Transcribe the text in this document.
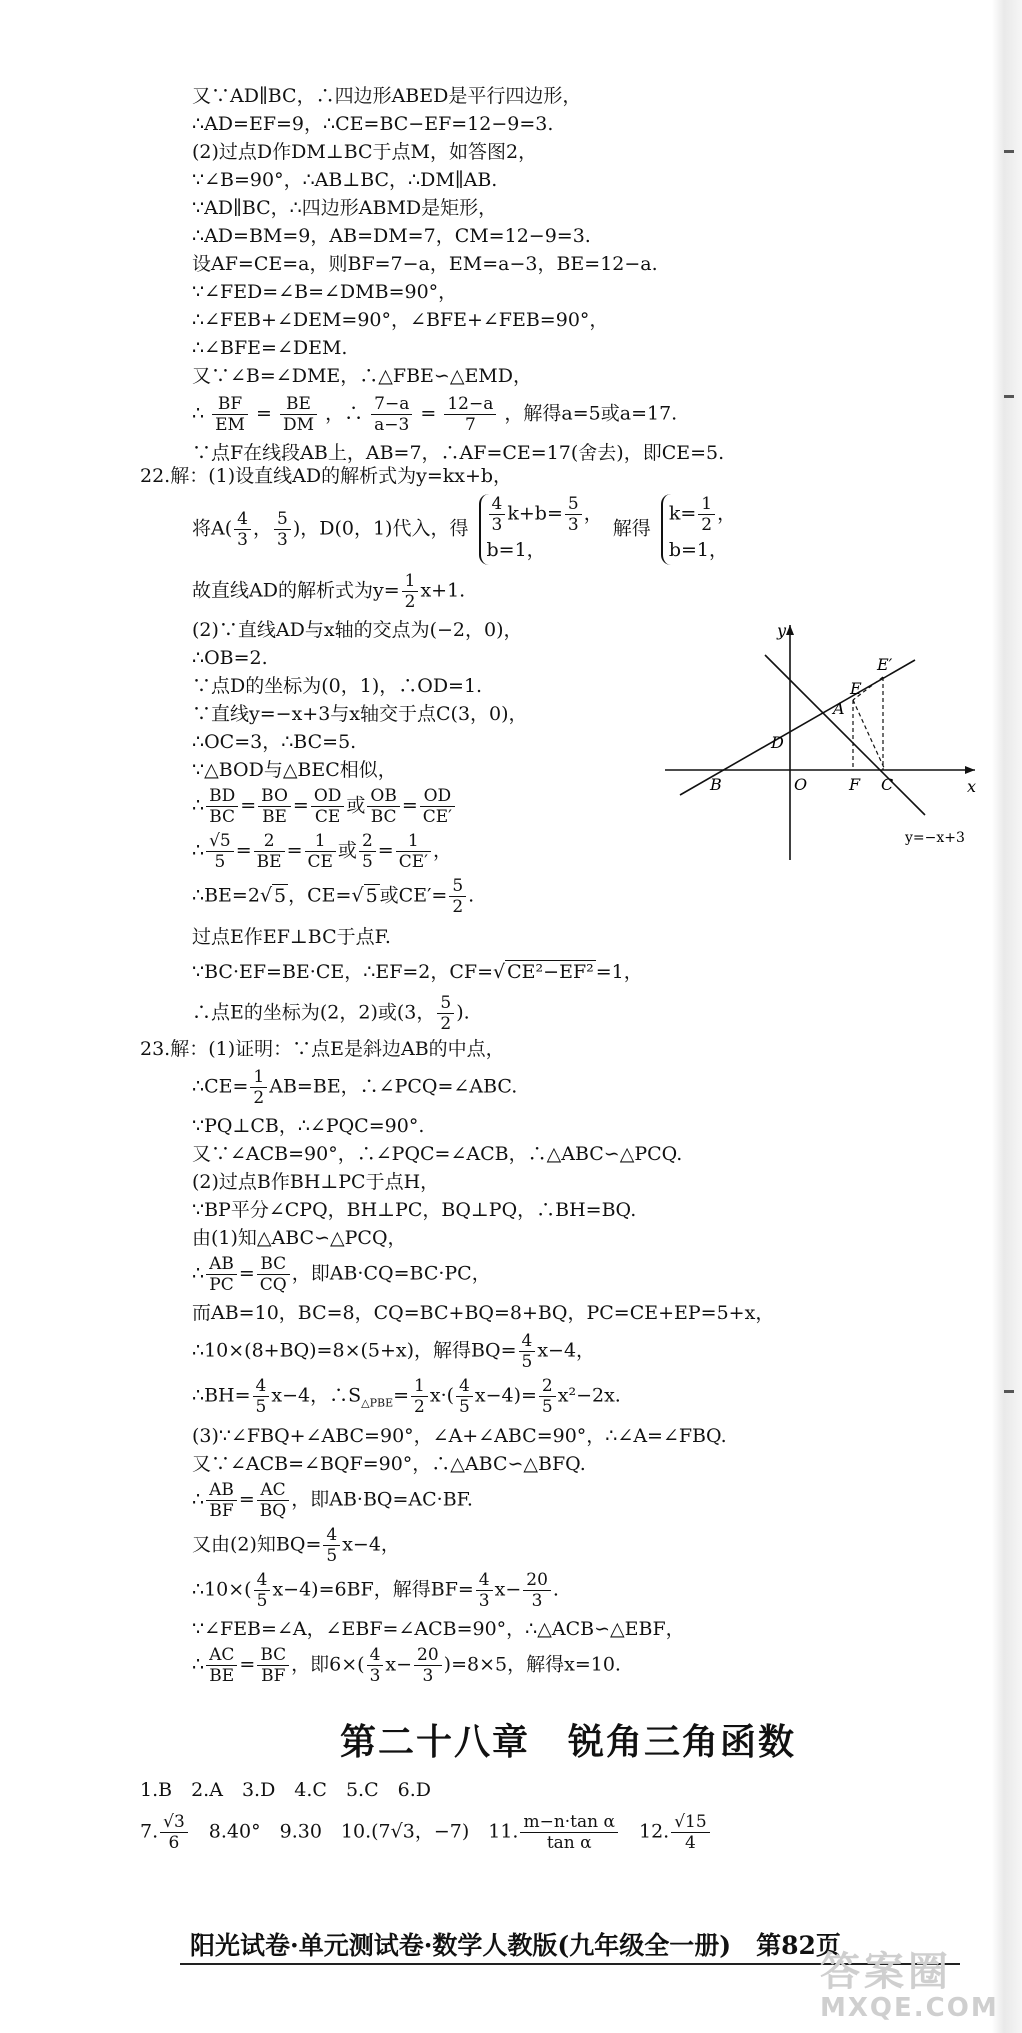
又∵AD∥BC，∴四边形ABED是平行四边形，
∴AD=EF=9，∴CE=BC−EF=12−9=3.
(2)过点D作DM⊥BC于点M，如答图2，
∵∠B=90°，∴AB⊥BC，∴DM∥AB.
∵AD∥BC，∴四边形ABMD是矩形，
∴AD=BM=9，AB=DM=7，CM=12−9=3.
设AF=CE=a，则BF=7−a，EM=a−3，BE=12−a.
∵∠FED=∠B=∠DMB=90°，
∴∠FEB+∠DEM=90°，∠BFE+∠FEB=90°，
∴∠BFE=∠DEM.
又∵∠B=∠DME，∴△FBE∽△EMD，
∴ $\frac{BF}{EM} = \frac{BE}{DM}$ ，∴ $\frac{7-a}{a-3} = \frac{12-a}{7}$ ，解得a=5或a=17.
∵点F在线段AB上，AB=7，∴AF=CE=17(舍去)，即CE=5.
22.解：(1)设直线AD的解析式为y=kx+b，
将$A( \frac{4}{3}$ ， $\frac{5}{3}$ )，D(0，1)代入，得 $\frac{4}{3} k+b= \frac{5}{3}$ ，
b=1，
解得
$k= \frac{1}{2}$ ，
b=1，
故直线AD的解析式为$y= \frac{1}{2} x+1$.
(2)∵直线AD与x轴的交点为(−2，0)，
∴OB=2.
∵点D的坐标为(0，1)，∴OD=1.
∵直线y=−x+3与x轴交于点C(3，0)，
∴OC=3，∴BC=5.
∵△BOD与△BEC相似，
∴ $\frac{BD}{BC} = \frac{BO}{BE} = \frac{OD}{CE}$ 或 $\frac{OB}{BC} = \frac{OD}{CE'}$
∴ $\frac{√5}{5} = \frac{2}{BE} = \frac{1}{CE}$ 或 $\frac{2}{5} = \frac{1}{CE'}$ ，
∴BE=2√ 5 ，CE=√ 5 或$CE'= \frac{5}{2}$ .
过点E作EF⊥BC于点F.
∵BC·EF=BE·CE，∴EF=2，CF=√ CE²−EF² =1，
∴点E的坐标为(2，2)或(3， $\frac{5}{2}$ ).
y
x
E′
E
A
D
B	O	F C
y=−x+3
23.解：(1)证明：∵点E是斜边AB的中点，
∴CE= $\frac{1}{2} AB=BE$，∴∠PCQ=∠ABC.
∵PQ⊥CB，∴∠PQC=90°.
又∵∠ACB=90°，∴∠PQC=∠ACB，∴△ABC∽△PCQ.
(2)过点B作BH⊥PC于点H，
∵BP平分∠CPQ，BH⊥PC，BQ⊥PQ，∴BH=BQ.
由(1)知△ABC∽△PCQ，
∴ $\frac{AB}{PC} = \frac{BC}{CQ}$ ，即AB·CQ=BC·PC，
而AB=10，BC=8，CQ=BC+BQ=8+BQ，PC=CE+EP=5+x，
∴10×(8+BQ)=8×(5+x)，解得$BQ= \frac{4}{5} x-4$，
∴BH= $\frac{4}{5} x-4$，$\therefore S_{\triangle PBE}= \frac{1}{2} x\cdot( \frac{4}{5} x-4)= \frac{2}{5} x^2-2x$.
(3)∵∠FBQ+∠ABC=90°，∠A+∠ABC=90°，∴∠A=∠FBQ.
又∵∠ACB=∠BQF=90°，∴△ABC∽△BFQ.
∴ $\frac{AB}{BF} = \frac{AC}{BQ}$ ，即AB·BQ=AC·BF.
又由(2)知$BQ= \frac{4}{5} x-4$，
∴10×( $\frac{4}{5} x-4)=6BF$，解得$BF= \frac{4}{3} x- \frac{20}{3}$ .
∵∠FEB=∠A，∠EBF=∠ACB=90°，∴△ACB∽△EBF，
∴ $\frac{AC}{BE} = \frac{BC}{BF}$ ，即$6\times( \frac{4}{3} x- \frac{20}{3} )=8\times 5$，解得x=10.
第二十八章　锐角三角函数
1.B　2.A　3.D　4.C　5.C　6.D
7. $\frac{√3}{6}$ 　8.40°　9.30　10.(7√3，−7)　11. $\frac{\text{m−n·tan α}}{\text{tan α}}$ 　12. $\frac{√15}{4}$
阳光试卷·单元测试卷·数学人教版(九年级全一册)　第82页
答案圈
MXQE.COM
